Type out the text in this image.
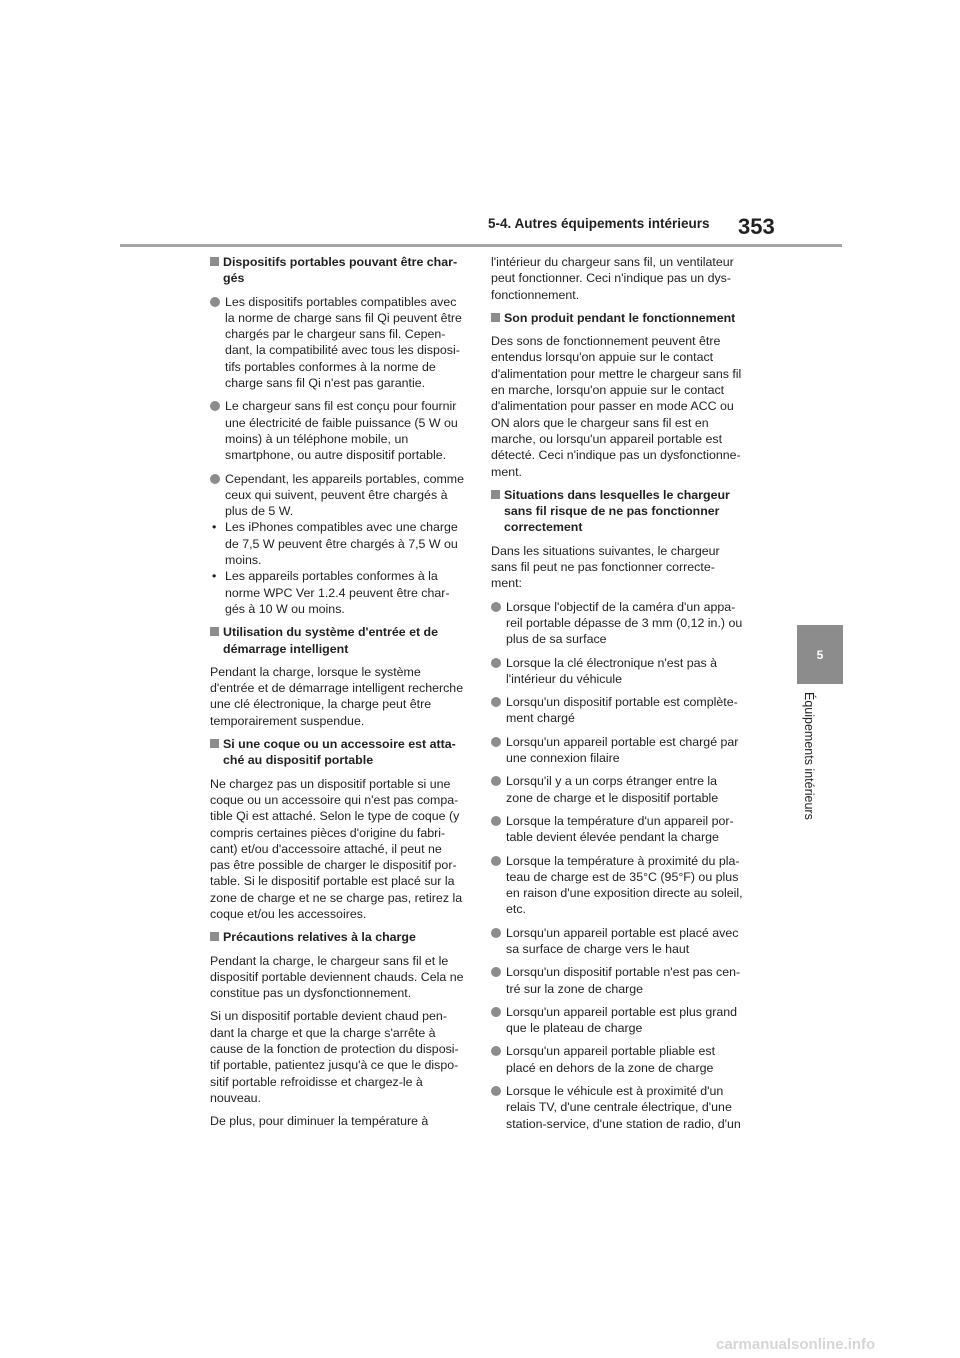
5-4. Autres équipements intérieurs 353
5
Équipements intérieurs

Dispositifs portables pouvant être char-gés

Les dispositifs portables compatibles avec la norme de charge sans fil Qi peuvent être chargés par le chargeur sans fil. Cepen-dant, la compatibilité avec tous les disposi-tifs portables conformes à la norme de charge sans fil Qi n'est pas garantie.

Le chargeur sans fil est conçu pour fournir une électricité de faible puissance (5 W ou moins) à un téléphone mobile, un smartphone, ou autre dispositif portable.

Cependant, les appareils portables, comme ceux qui suivent, peuvent être chargés à plus de 5 W.

• Les iPhones compatibles avec une charge de 7,5 W peuvent être chargés à 7,5 W ou moins.

• Les appareils portables conformes à la norme WPC Ver 1.2.4 peuvent être char-gés à 10 W ou moins.

Utilisation du système d'entrée et de démarrage intelligent

Pendant la charge, lorsque le système d'entrée et de démarrage intelligent recherche une clé électronique, la charge peut être temporairement suspendue.

Si une coque ou un accessoire est atta-ché au dispositif portable

Ne chargez pas un dispositif portable si une coque ou un accessoire qui n'est pas compa-tible Qi est attaché. Selon le type de coque (y compris certaines pièces d'origine du fabri-cant) et/ou d'accessoire attaché, il peut ne pas être possible de charger le dispositif por-table. Si le dispositif portable est placé sur la zone de charge et ne se charge pas, retirez la coque et/ou les accessoires.

Précautions relatives à la charge

Pendant la charge, le chargeur sans fil et le dispositif portable deviennent chauds. Cela ne constitue pas un dysfonctionnement.

Si un dispositif portable devient chaud pen-dant la charge et que la charge s'arrête à cause de la fonction de protection du disposi-tif portable, patientez jusqu'à ce que le dispo-sitif portable refroidisse et chargez-le à nouveau.

De plus, pour diminuer la température à

l'intérieur du chargeur sans fil, un ventilateur peut fonctionner. Ceci n'indique pas un dys-fonctionnement.

Son produit pendant le fonctionnement

Des sons de fonctionnement peuvent être entendus lorsqu'on appuie sur le contact d'alimentation pour mettre le chargeur sans fil en marche, lorsqu'on appuie sur le contact d'alimentation pour passer en mode ACC ou ON alors que le chargeur sans fil est en marche, ou lorsqu'un appareil portable est détecté. Ceci n'indique pas un dysfonctionne-ment.

Situations dans lesquelles le chargeur sans fil risque de ne pas fonctionner correctement

Dans les situations suivantes, le chargeur sans fil peut ne pas fonctionner correcte-ment:

Lorsque l'objectif de la caméra d'un appa-reil portable dépasse de 3 mm (0,12 in.) ou plus de sa surface

Lorsque la clé électronique n'est pas à l'intérieur du véhicule

Lorsqu'un dispositif portable est complète-ment chargé

Lorsqu'un appareil portable est chargé par une connexion filaire

Lorsqu'il y a un corps étranger entre la zone de charge et le dispositif portable

Lorsque la température d'un appareil por-table devient élevée pendant la charge

Lorsque la température à proximité du pla-teau de charge est de 35°C (95°F) ou plus en raison d'une exposition directe au soleil, etc.

Lorsqu'un appareil portable est placé avec sa surface de charge vers le haut

Lorsqu'un dispositif portable n'est pas cen-tré sur la zone de charge

Lorsqu'un appareil portable est plus grand que le plateau de charge

Lorsqu'un appareil portable pliable est placé en dehors de la zone de charge

Lorsque le véhicule est à proximité d'un relais TV, d'une centrale électrique, d'une station-service, d'une station de radio, d'un

carmanualsonline.info
